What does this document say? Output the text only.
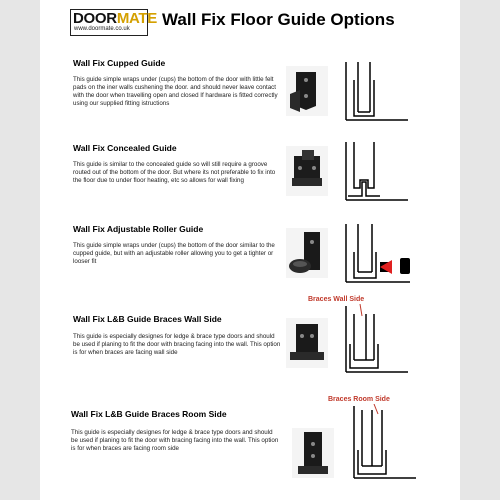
DOORMATE
www.doormate.co.uk Wall Fix Floor Guide Options
Wall Fix Cupped Guide
This guide simple wraps under (cups) the bottom of the door with little felt pads on the iner walls cushening the door. and should never leave contact with the door when travelling open and closed If hardware is fitted correctly using our supplied fitting istructions
Wall Fix Concealed Guide
This guide is similar to the concealed guide so will still require a groove routed out of the bottom of the door. But where its not preferable to fix into the floor due to under floor heating, etc so allows for wall fixing
Wall Fix Adjustable Roller Guide
This guide simple wraps under (cups) the bottom of the door similar to the cupped guide, but with an adjustable roller allowing you to get a tighter or looser fit
Wall Fix L&B Guide Braces Wall Side
This guide is especially designes for ledge & brace type doors and should be used if planing to fit the door with bracing facing into the wall. This option is for when braces are facing wall side
Braces Wall Side
Wall Fix L&B Guide Braces Room Side
This guide is especially designes for ledge & brace type doors and should be used if planing to fit the door with bracing facing into the wall. This option is for when braces are facing room side
Braces Room Side
